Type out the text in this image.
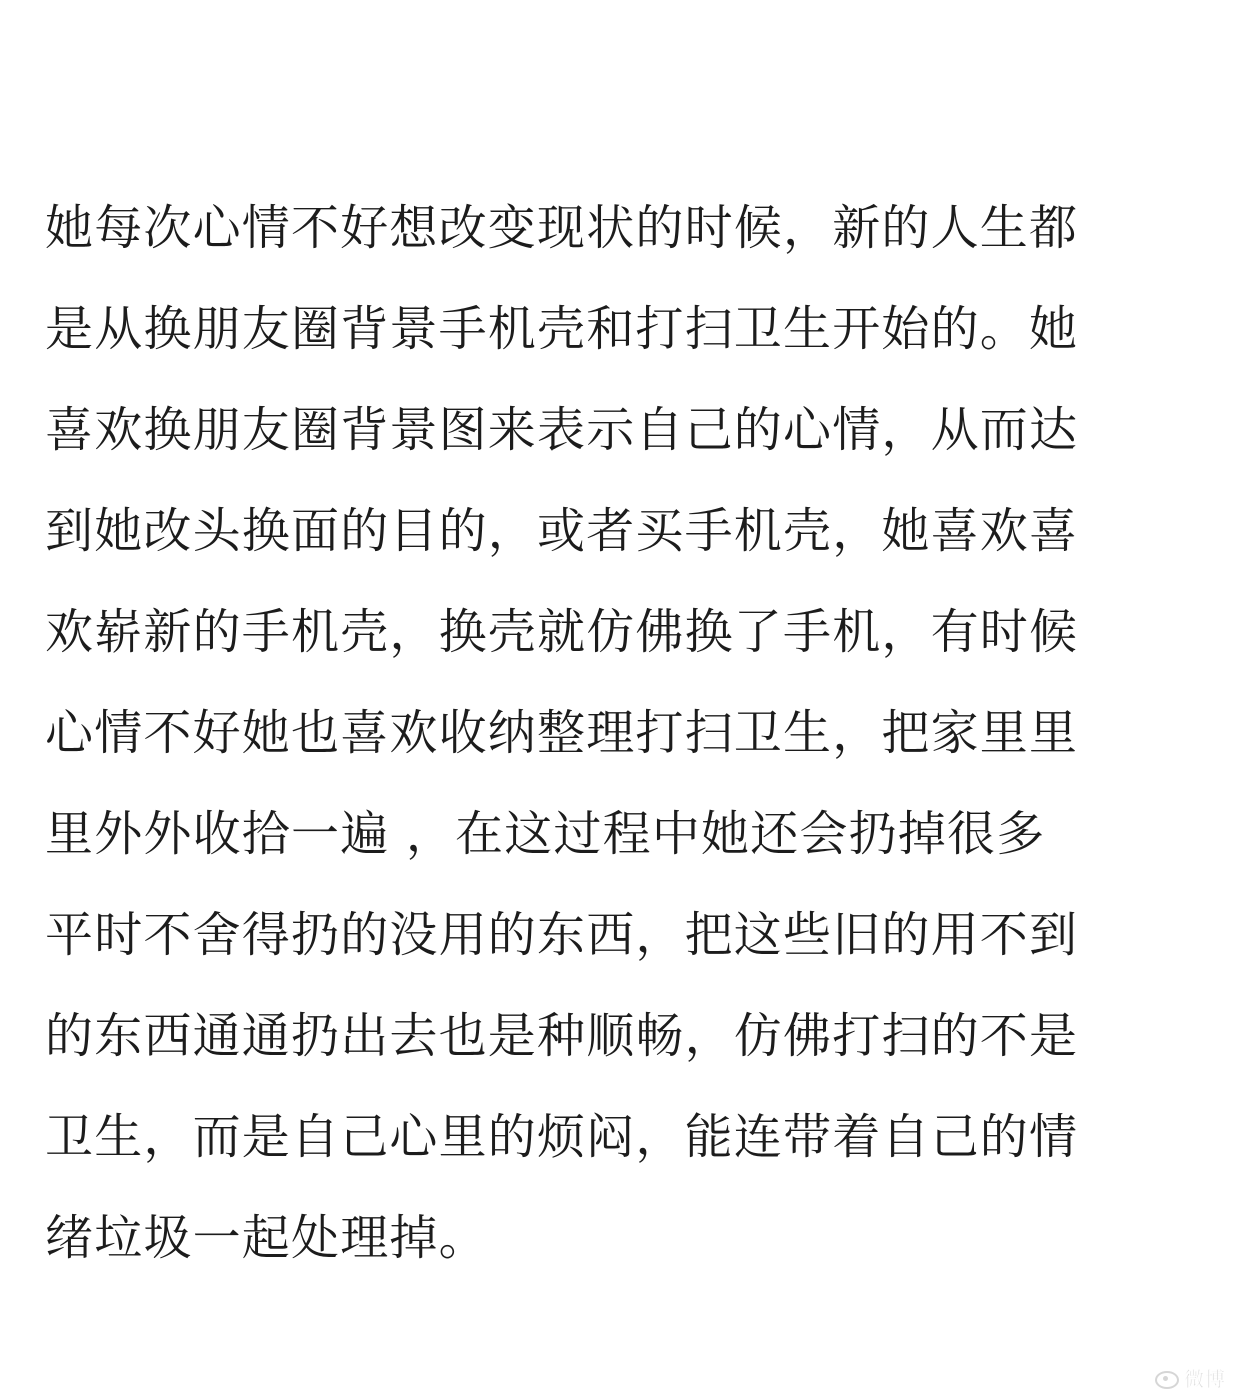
她每次心情不好想改变现状的时候，新的人生都
是从换朋友圈背景手机壳和打扫卫生开始的。她
喜欢换朋友圈背景图来表示自己的心情，从而达
到她改头换面的目的，或者买手机壳，她喜欢喜
欢崭新的手机壳，换壳就仿佛换了手机，有时候
心情不好她也喜欢收纳整理打扫卫生，把家里里
里外外收拾一遍 ，在这过程中她还会扔掉很多
平时不舍得扔的没用的东西，把这些旧的用不到
的东西通通扔出去也是种顺畅，仿佛打扫的不是
卫生，而是自己心里的烦闷，能连带着自己的情
绪垃圾一起处理掉。
微博
